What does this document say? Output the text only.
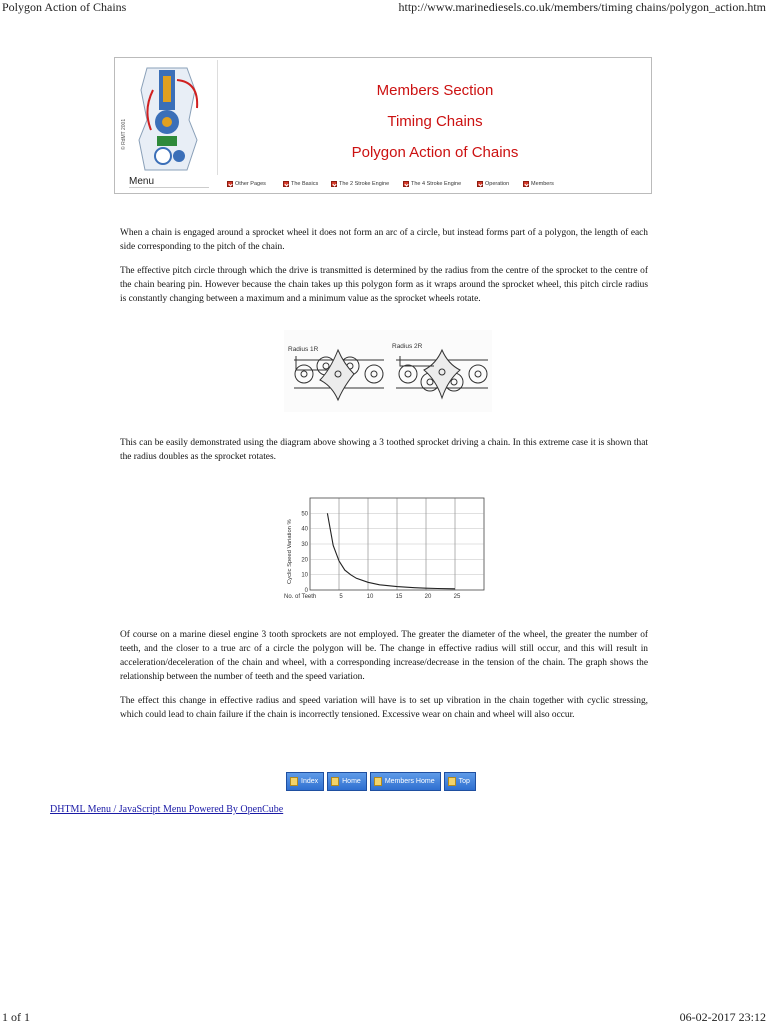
Polygon Action of Chains	http://www.marinediesels.co.uk/members/timing chains/polygon_action.htm
© RdMT 2001
Menu
Members Section
Timing Chains
Polygon Action of Chains
Other Pages	The Basics	The 2 Stroke Engine	The 4 Stroke Engine	Operation	Members
When a chain is engaged around a sprocket wheel it does not form an arc of a circle, but instead forms part of a polygon, the length of each side corresponding to the pitch of the chain.
The effective pitch circle through which the drive is transmitted is determined by the radius from the centre of the sprocket to the centre of the chain bearing pin. However because the chain takes up this polygon form as it wraps around the sprocket wheel, this pitch circle radius is constantly changing between a maximum and a minimum value as the sprocket wheels rotate.
Radius 1R	Radius 2R
This can be easily demonstrated using the diagram above showing a 3 toothed sprocket driving a chain. In this extreme case it is shown that the radius doubles as the sprocket rotates.
0
10
20
30
40
50
5	10	15	20	25
Cyclic Speed Variation %
No. of Teeth
Of course on a marine diesel engine 3 tooth sprockets are not employed. The greater the diameter of the wheel, the greater the number of teeth, and the closer to a true arc of a circle the polygon will be. The change in effective radius will still occur, and this will result in acceleration/deceleration of the chain and wheel, with a corresponding increase/decrease in the tension of the chain. The graph shows the relationship between the number of teeth and the speed variation.
The effect this change in effective radius and speed variation will have is to set up vibration in the chain together with cyclic stressing, which could lead to chain failure if the chain is incorrectly tensioned. Excessive wear on chain and wheel will also occur.
Index	Home	Members Home	Top
DHTML Menu / JavaScript Menu Powered By OpenCube
1 of 1	06-02-2017 23:12
